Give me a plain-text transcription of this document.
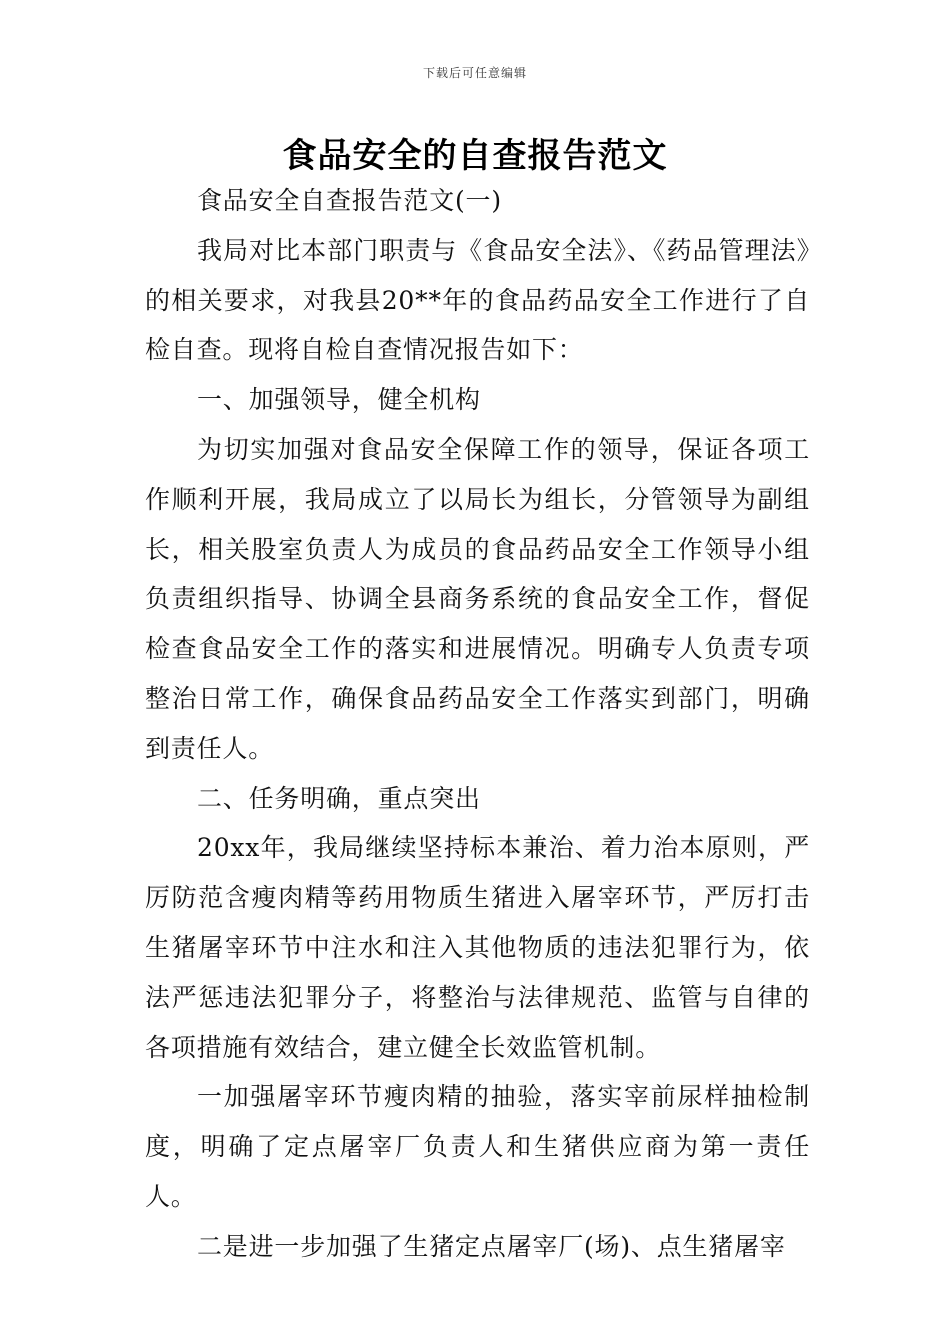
下载后可任意编辑
食品安全的自查报告范文

食品安全自查报告范文(一)

我局对比本部门职责与《食品安全法》、《药品管理法》的相关要求，对我县20**年的食品药品安全工作进行了自检自查。现将自检自查情况报告如下：

一、加强领导，健全机构

为切实加强对食品安全保障工作的领导，保证各项工作顺利开展，我局成立了以局长为组长，分管领导为副组长，相关股室负责人为成员的食品药品安全工作领导小组负责组织指导、协调全县商务系统的食品安全工作，督促检查食品安全工作的落实和进展情况。明确专人负责专项整治日常工作，确保食品药品安全工作落实到部门，明确到责任人。

二、任务明确，重点突出

20xx年，我局继续坚持标本兼治、着力治本原则，严厉防范含瘦肉精等药用物质生猪进入屠宰环节，严厉打击生猪屠宰环节中注水和注入其他物质的违法犯罪行为，依法严惩违法犯罪分子，将整治与法律规范、监管与自律的各项措施有效结合，建立健全长效监管机制。

一加强屠宰环节瘦肉精的抽验，落实宰前尿样抽检制度，明确了定点屠宰厂负责人和生猪供应商为第一责任人。

二是进一步加强了生猪定点屠宰厂(场)、点生猪屠宰
